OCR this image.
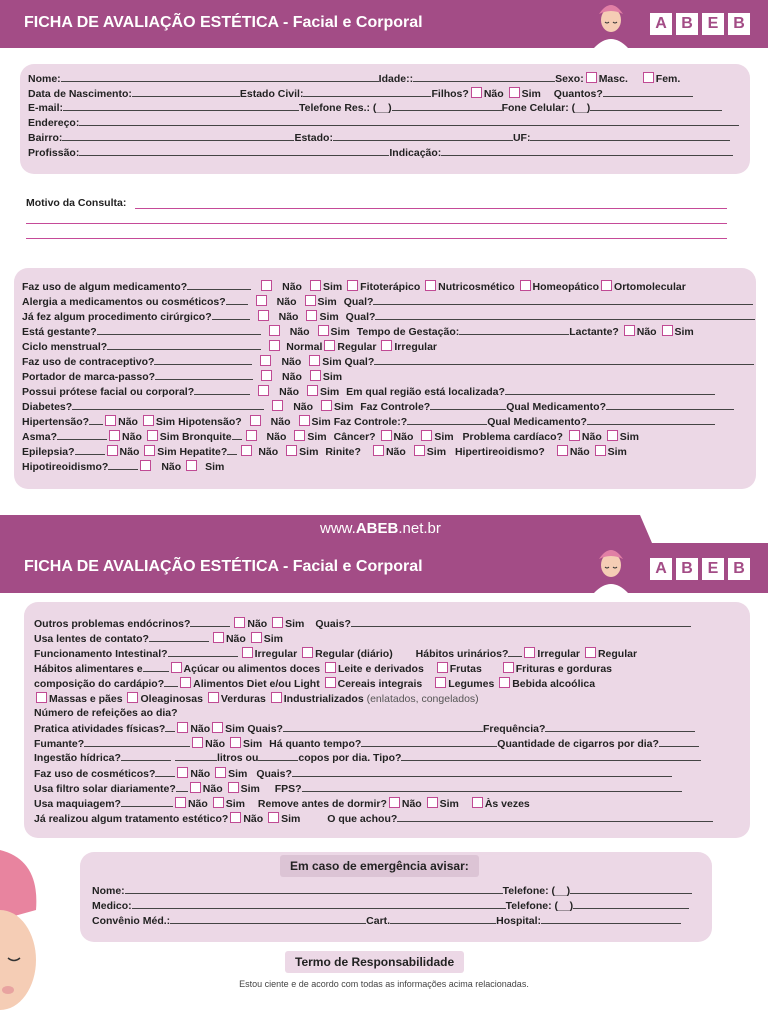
FICHA DE AVALIAÇÃO ESTÉTICA - Facial e Corporal	A B E B
Nome:	Idade::	Sexo: Masc.	Fem.
Data de Nascimento:	Estado Civil:	Filhos? Não Sim Quantos?
E-mail:	Telefone Res.: (__)	Fone Celular: (__)
Endereço:
Bairro:	Estado:	UF:
Profissão:	Indicação:
Motivo da Consulta:
Faz uso de algum medicamento?	Não Sim Fitoterápico Nutricosmético Homeopático Ortomolecular
Alergia a medicamentos ou cosméticos?	Não Sim Qual?
Já fez algum procedimento cirúrgico?	Não Sim Qual?
Está gestante?	Não Sim Tempo de Gestação:	Lactante? Não Sim
Ciclo menstrual?	Normal Regular Irregular
Faz uso de contraceptivo?	Não Sim Qual?
Portador de marca-passo?	Não Sim
Possui prótese facial ou corporal?	Não Sim Em qual região está localizada?
Diabetes?	Não Sim Faz Controle?	Qual Medicamento?
Hipertensão?	Não Sim Hipotensão?	Não Sim Faz Controle:?	Qual Medicamento?
Asma?	Não Sim Bronquite	Não Sim Câncer? Não Sim Problema cardíaco? Não Sim
Epilepsia?	Não Sim Hepatite?	Não Sim Rinite? Não Sim Hipertireoidismo? Não Sim
Hipotireoidismo?	Não Sim
www.ABEB.net.br
FICHA DE AVALIAÇÃO ESTÉTICA - Facial e Corporal	A B E B
Outros problemas endócrinos?	Não Sim Quais?
Usa lentes de contato?	Não Sim
Funcionamento Intestinal?	Irregular Regular (diário) Hábitos urinários?	Irregular Regular
Hábitos alimentares e	Açúcar ou alimentos doces Leite e derivados Frutas	Frituras e gorduras
composição do cardápio?	Alimentos Diet e/ou Light Cereais integrais Legumes Bebida alcoólica
Massas e pães Oleaginosas Verduras Industrializados (enlatados, congelados)
Número de refeições ao dia?
Pratica atividades físicas? Não Sim Quais?	Frequência?
Fumante?	Não Sim Há quanto tempo?	Quantidade de cigarros por dia?
Ingestão hídrica?	litros ou	copos por dia. Tipo?
Faz uso de cosméticos?	Não Sim Quais?
Usa filtro solar diariamente?	Não Sim FPS?
Usa maquiagem?	Não Sim Remove antes de dormir? Não Sim Às vezes
Já realizou algum tratamento estético? Não Sim	O que achou?
Em caso de emergência avisar:
Nome:	Telefone: (__)
Medico:	Telefone: (__)
Convênio Méd.:	Cart.	Hospital:
Termo de Responsabilidade
Estou ciente e de acordo com todas as informações acima relacionadas.
